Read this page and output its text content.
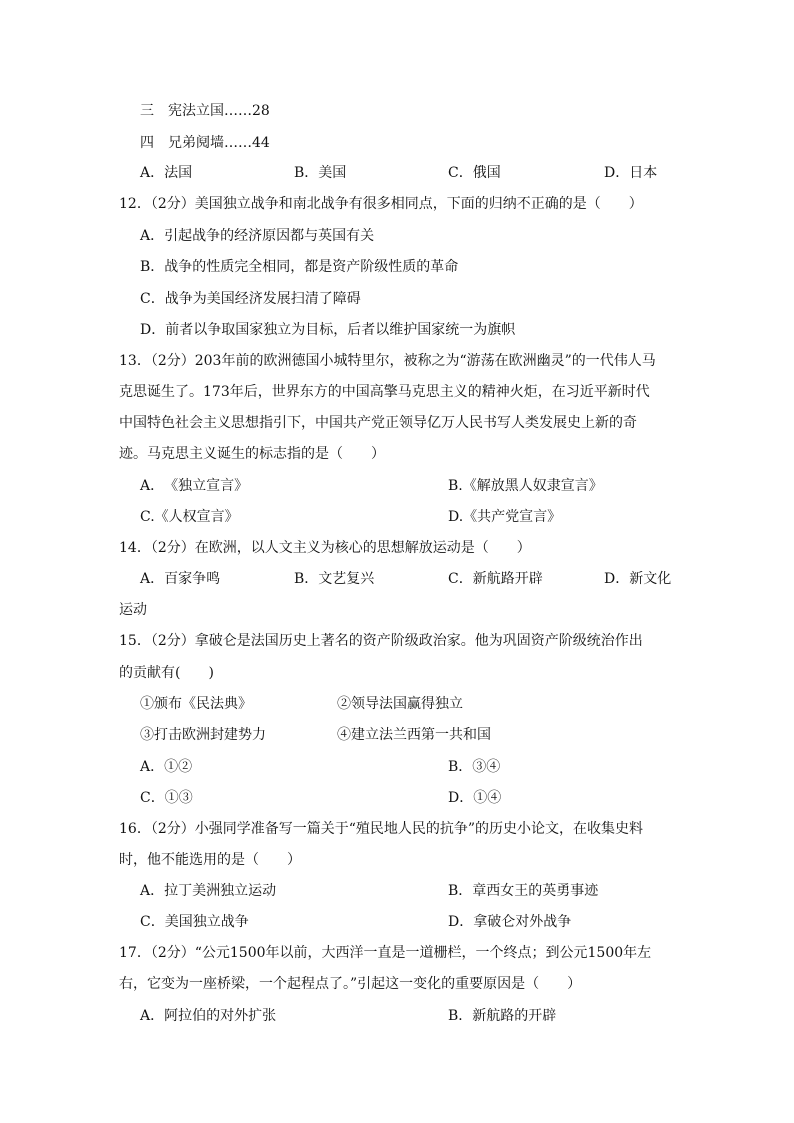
三　宪法立国……28
四　兄弟阋墙……44
A．法国	B．美国	C．俄国	D．日本
12．（2分）美国独立战争和南北战争有很多相同点，下面的归纳不正确的是（　　）
A．引起战争的经济原因都与英国有关
B．战争的性质完全相同，都是资产阶级性质的革命
C．战争为美国经济发展扫清了障碍
D．前者以争取国家独立为目标，后者以维护国家统一为旗帜
13．（2分）203年前的欧洲德国小城特里尔，被称之为“游荡在欧洲幽灵”的一代伟人马
克思诞生了。173年后，世界东方的中国高擎马克思主义的精神火炬，在习近平新时代
中国特色社会主义思想指引下，中国共产党正领导亿万人民书写人类发展史上新的奇
迹。马克思主义诞生的标志指的是（　　）
A．　《独立宣言》	B.《解放黑人奴隶宣言》
C.《人权宣言》	D.《共产党宣言》
14．（2分）在欧洲，以人文主义为核心的思想解放运动是（　　）
A．百家争鸣	B．文艺复兴	C．新航路开辟	D．新文化
运动
15．（2分）拿破仑是法国历史上著名的资产阶级政治家。他为巩固资产阶级统治作出
的贡献有(　　)
①颁布《民法典》	②领导法国赢得独立
③打击欧洲封建势力	④建立法兰西第一共和国
A．①②	B．③④
C．①③	D．①④
16．（2分）小强同学准备写一篇关于“殖民地人民的抗争”的历史小论文，在收集史料
时，他不能选用的是（　　）
A．拉丁美洲独立运动	B．章西女王的英勇事迹
C．美国独立战争	D．拿破仑对外战争
17．（2分）“公元1500年以前，大西洋一直是一道栅栏，一个终点；到公元1500年左
右，它变为一座桥梁，一个起程点了。”引起这一变化的重要原因是（　　）
A．阿拉伯的对外扩张	B．新航路的开辟
